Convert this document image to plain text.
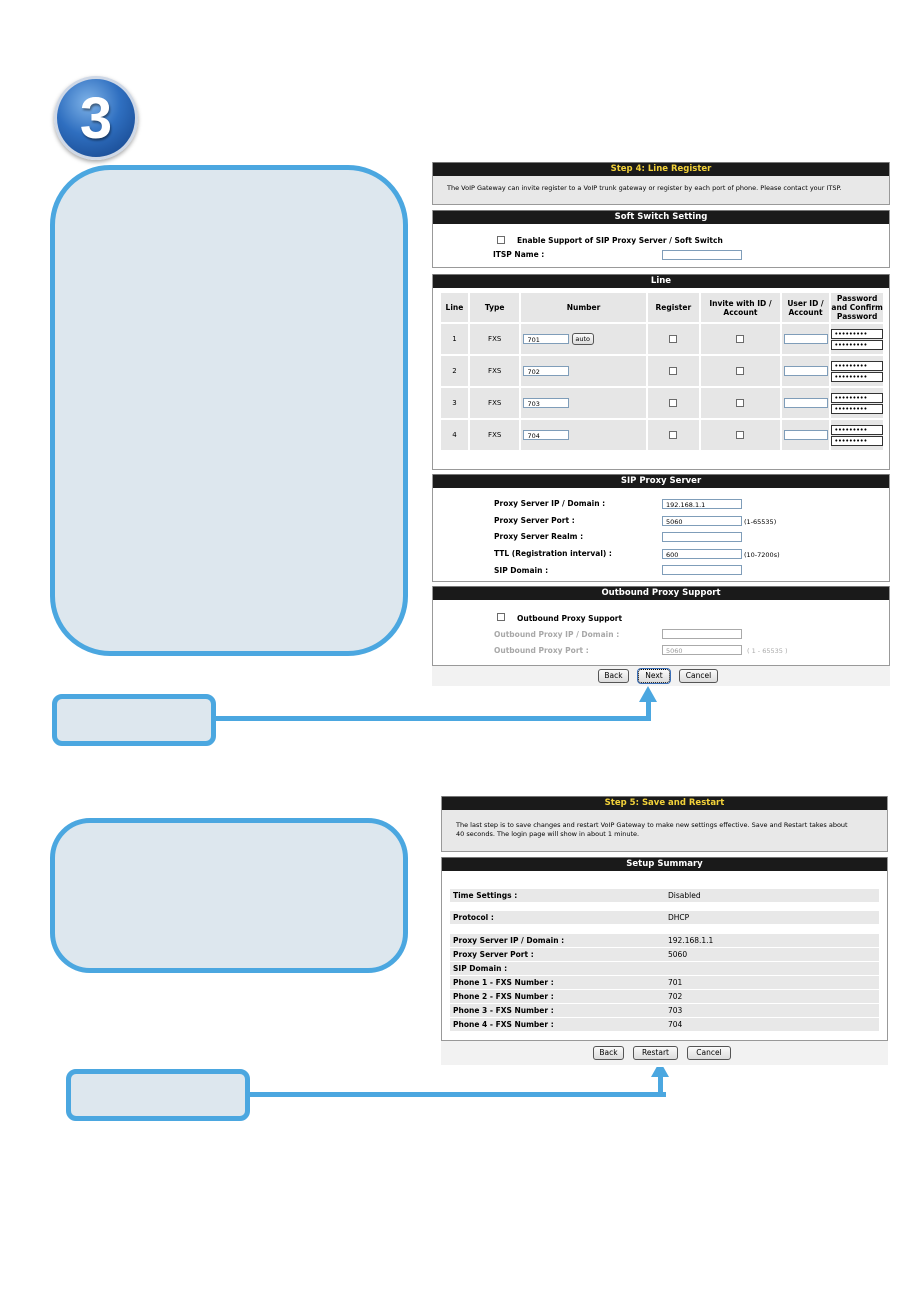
3
Step 4: Line Register
The VoIP Gateway can invite register to a VoIP trunk gateway or register by each port of phone. Please contact your ITSP.
Soft Switch Setting
Enable Support of SIP Proxy Server / Soft Switch
ITSP Name :
Line
Line	Type	Number	Register	Invite with ID / Account	User ID / Account	Password and Confirm Password
1	FXS	701 auto				•••••••••
•••••••••

2	FXS	702				•••••••••
•••••••••

3	FXS	703				•••••••••
•••••••••

4	FXS	704				•••••••••
•••••••••
SIP Proxy Server
Proxy Server IP / Domain :	192.168.1.1
Proxy Server Port :	5060	(1-65535)
Proxy Server Realm :
TTL (Registration interval) :	600	(10-7200s)
SIP Domain :
Outbound Proxy Support
Outbound Proxy Support
Outbound Proxy IP / Domain :
Outbound Proxy Port :	5060	( 1 - 65535 )
Back	Next	Cancel
Step 5: Save and Restart
The last step is to save changes and restart VoIP Gateway to make new settings effective. Save and Restart takes about
40 seconds. The login page will show in about 1 minute.
Setup Summary
Time Settings :	Disabled
Protocol :	DHCP
Proxy Server IP / Domain :	192.168.1.1
Proxy Server Port :	5060
SIP Domain :
Phone 1 - FXS Number :	701
Phone 2 - FXS Number :	702
Phone 3 - FXS Number :	703
Phone 4 - FXS Number :	704
Back	Restart	Cancel
